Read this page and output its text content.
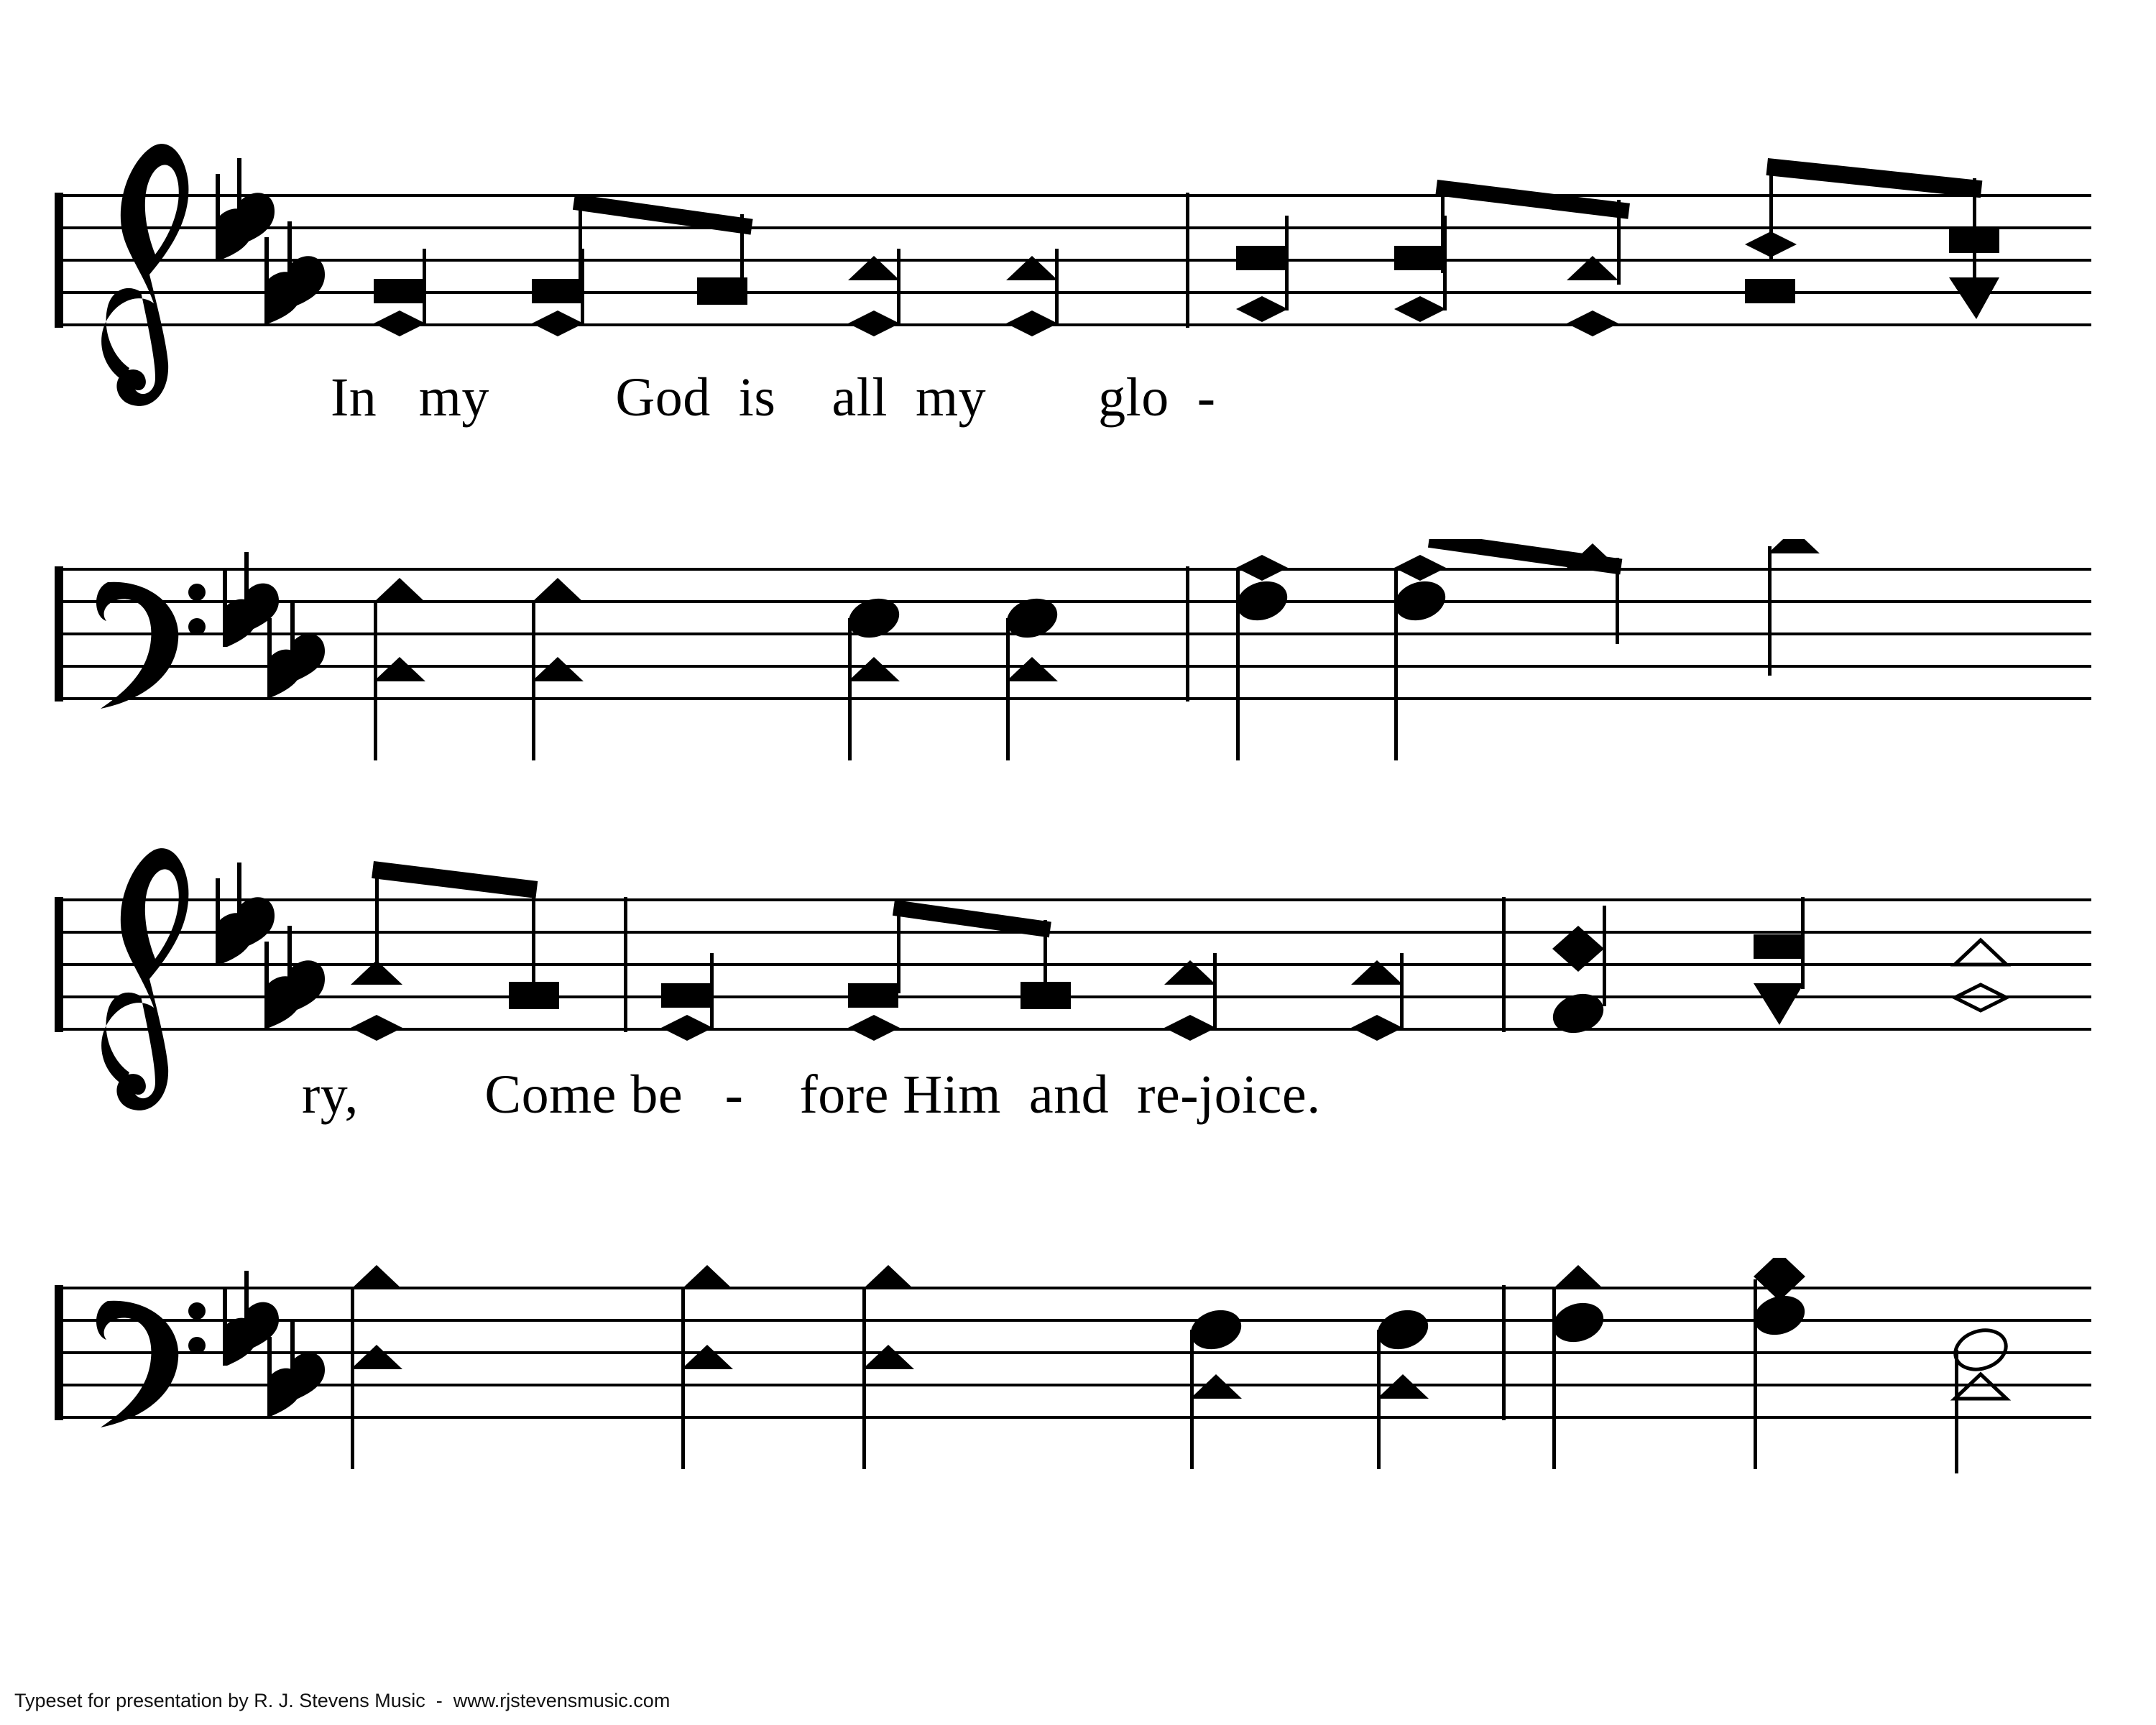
In   my         God  is    all  my        glo  -
ry,         Come be   -    fore Him  and  re-joice.
Typeset for presentation by R. J. Stevens Music  -  www.rjstevensmusic.com
